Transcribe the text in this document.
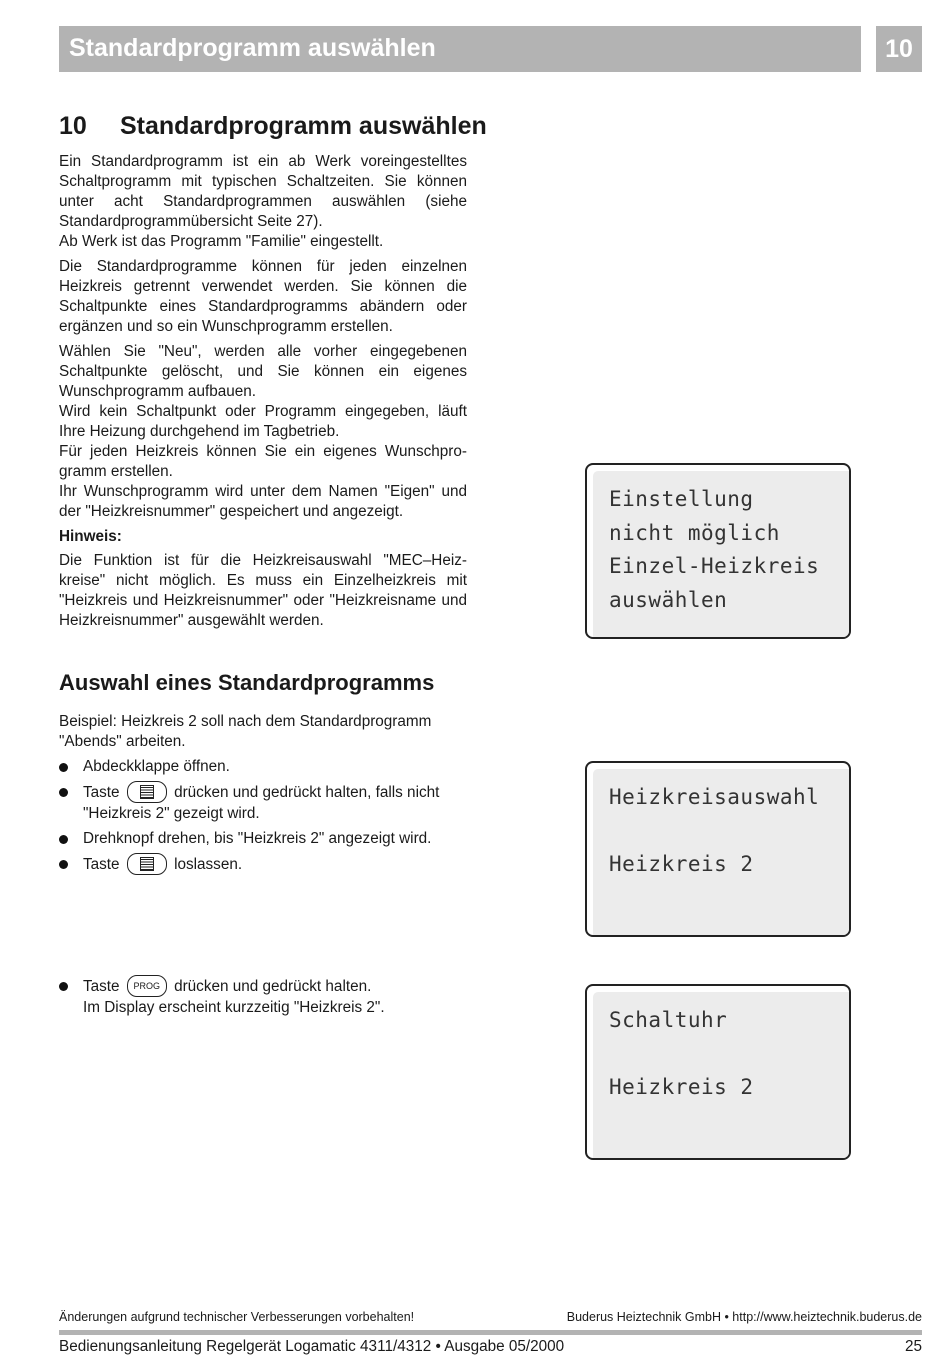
Standardprogramm auswählen	10
10 Standardprogramm auswählen

Ein Standardprogramm ist ein ab Werk voreingestelltes Schaltprogramm mit typischen Schaltzeiten. Sie können unter acht Standardprogrammen auswählen (siehe Standardprogrammübersicht Seite 27).

Ab Werk ist das Programm "Familie" eingestellt.

Die Standardprogramme können für jeden einzelnen Heizkreis getrennt verwendet werden. Sie können die Schaltpunkte eines Standardprogramms abändern oder ergänzen und so ein Wunschprogramm erstellen.

Wählen Sie "Neu", werden alle vorher eingegebenen Schaltpunkte gelöscht, und Sie können ein eigenes Wunschprogramm aufbauen.

Wird kein Schaltpunkt oder Programm eingegeben, läuft Ihre Heizung durchgehend im Tagbetrieb.

Für jeden Heizkreis können Sie ein eigenes Wunschpro-gramm erstellen.

Ihr Wunschprogramm wird unter dem Namen "Eigen" und der "Heizkreisnummer" gespeichert und angezeigt.

Hinweis:

Die Funktion ist für die Heizkreisauswahl "MEC–Heiz-kreise" nicht möglich. Es muss ein Einzelheizkreis mit "Heizkreis und Heizkreisnummer" oder "Heizkreisname und Heizkreisnummer" ausgewählt werden.

Auswahl eines Standardprogramms
Beispiel: Heizkreis 2 soll nach dem Standardprogramm "Abends" arbeiten.
Abdeckklappe öffnen.
Taste	drücken und gedrückt halten, falls nicht "Heizkreis 2" gezeigt wird.
Drehknopf drehen, bis "Heizkreis 2" angezeigt wird.
Taste	loslassen.
Taste PROG drücken und gedrückt halten.
Im Display erscheint kurzzeitig "Heizkreis 2".
Einstellung
nicht möglich
Einzel-Heizkreis
auswählen
Heizkreisauswahl
Heizkreis 2
Schaltuhr
Heizkreis 2
Änderungen aufgrund technischer Verbesserungen vorbehalten!	Buderus Heiztechnik GmbH • http://www.heiztechnik.buderus.de
Bedienungsanleitung Regelgerät Logamatic 4311/4312 • Ausgabe 05/2000	25
